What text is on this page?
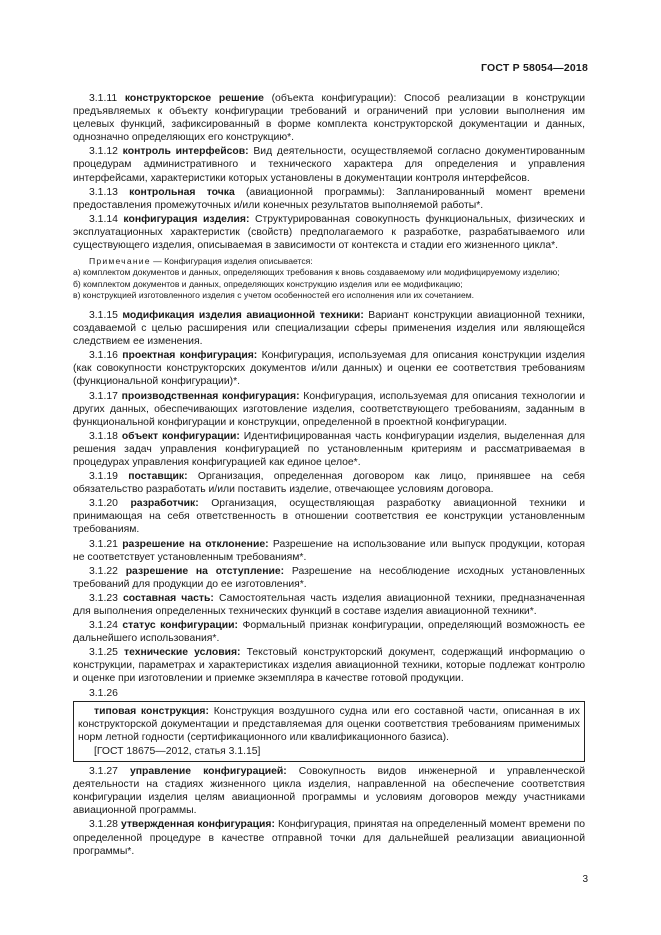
ГОСТ Р 58054—2018

3.1.11 конструкторское решение (объекта конфигурации): Способ реализации в конструкции предъявляемых к объекту конфигурации требований и ограничений при условии выполнения им целевых функций, зафиксированный в форме комплекта конструкторской документации и данных, однозначно определяющих его конструкцию*.

3.1.12 контроль интерфейсов: Вид деятельности, осуществляемой согласно документированным процедурам административного и технического характера для определения и управления интерфейсами, характеристики которых установлены в документации контроля интерфейсов.

3.1.13 контрольная точка (авиационной программы): Запланированный момент времени предоставления промежуточных и/или конечных результатов выполняемой работы*.

3.1.14 конфигурация изделия: Структурированная совокупность функциональных, физических и эксплуатационных характеристик (свойств) предполагаемого к разработке, разрабатываемого или существующего изделия, описываемая в зависимости от контекста и стадии его жизненного цикла*.

Примечание — Конфигурация изделия описывается:

а) комплектом документов и данных, определяющих требования к вновь создаваемому или модифицируемому изделию;

б) комплектом документов и данных, определяющих конструкцию изделия или ее модификацию;

в) конструкцией изготовленного изделия с учетом особенностей его исполнения или их сочетанием.

3.1.15 модификация изделия авиационной техники: Вариант конструкции авиационной техники, создаваемой с целью расширения или специализации сферы применения изделия или являющейся следствием ее изменения.

3.1.16 проектная конфигурация: Конфигурация, используемая для описания конструкции изделия (как совокупности конструкторских документов и/или данных) и оценки ее соответствия требованиям (функциональной конфигурации)*.

3.1.17 производственная конфигурация: Конфигурация, используемая для описания технологии и других данных, обеспечивающих изготовление изделия, соответствующего требованиям, заданным в функциональной конфигурации и конструкции, определенной в проектной конфигурации.

3.1.18 объект конфигурации: Идентифицированная часть конфигурации изделия, выделенная для решения задач управления конфигурацией по установленным критериям и рассматриваемая в процедурах управления конфигурацией как единое целое*.

3.1.19 поставщик: Организация, определенная договором как лицо, принявшее на себя обязательство разработать и/или поставить изделие, отвечающее условиям договора.

3.1.20 разработчик: Организация, осуществляющая разработку авиационной техники и принимающая на себя ответственность в отношении соответствия ее конструкции установленным требованиям.

3.1.21 разрешение на отклонение: Разрешение на использование или выпуск продукции, которая не соответствует установленным требованиям*.

3.1.22 разрешение на отступление: Разрешение на несоблюдение исходных установленных требований для продукции до ее изготовления*.

3.1.23 составная часть: Самостоятельная часть изделия авиационной техники, предназначенная для выполнения определенных технических функций в составе изделия авиационной техники*.

3.1.24 статус конфигурации: Формальный признак конфигурации, определяющий возможность ее дальнейшего использования*.

3.1.25 технические условия: Текстовый конструкторский документ, содержащий информацию о конструкции, параметрах и характеристиках изделия авиационной техники, которые подлежат контролю и оценке при изготовлении и приемке экземпляра в качестве готовой продукции.

3.1.26

типовая конструкция: Конструкция воздушного судна или его составной части, описанная в их конструкторской документации и представляемая для оценки соответствия требованиям применимых норм летной годности (сертификационного или квалификационного базиса).

[ГОСТ 18675—2012, статья 3.1.15]

3.1.27 управление конфигурацией: Совокупность видов инженерной и управленческой деятельности на стадиях жизненного цикла изделия, направленной на обеспечение соответствия конфигурации изделия целям авиационной программы и условиям договоров между участниками авиационной программы.

3.1.28 утвержденная конфигурация: Конфигурация, принятая на определенный момент времени по определенной процедуре в качестве отправной точки для дальнейшей реализации авиационной программы*.

3
